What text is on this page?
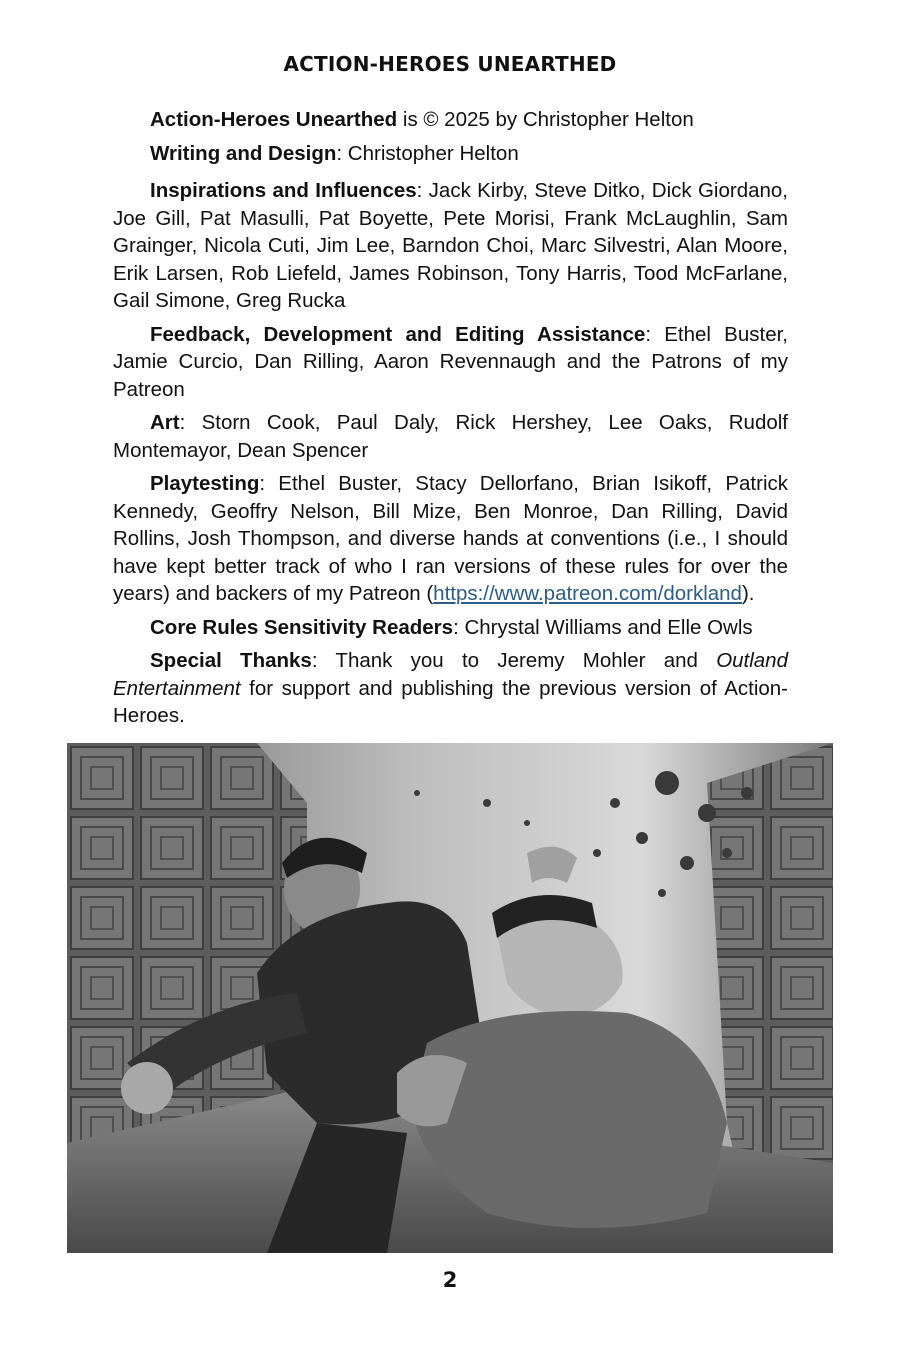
ACTION-HEROES UNEARTHED

Action-Heroes Unearthed is © 2025 by Christopher Helton

Writing and Design: Christopher Helton

Inspirations and Influences: Jack Kirby, Steve Ditko, Dick Giordano, Joe Gill, Pat Masulli, Pat Boyette, Pete Morisi, Frank McLaughlin, Sam Grainger, Nicola Cuti, Jim Lee, Barndon Choi, Marc Silvestri, Alan Moore, Erik Larsen, Rob Liefeld, James Robinson, Tony Harris, Tood McFarlane, Gail Simone, Greg Rucka

Feedback, Development and Editing Assistance: Ethel Buster, Jamie Curcio, Dan Rilling, Aaron Revennaugh and the Patrons of my Patreon

Art: Storn Cook, Paul Daly, Rick Hershey, Lee Oaks, Rudolf Montemayor, Dean Spencer

Playtesting: Ethel Buster, Stacy Dellorfano, Brian Isikoff, Patrick Kennedy, Geoffry Nelson, Bill Mize, Ben Monroe, Dan Rilling, David Rollins, Josh Thompson, and diverse hands at conventions (i.e., I should have kept better track of who I ran versions of these rules for over the years) and backers of my Patreon (https://www.patreon.com/dorkland).

Core Rules Sensitivity Readers: Chrystal Williams and Elle Owls

Special Thanks: Thank you to Jeremy Mohler and Outland Entertainment for support and publishing the previous version of Action-Heroes.

2
